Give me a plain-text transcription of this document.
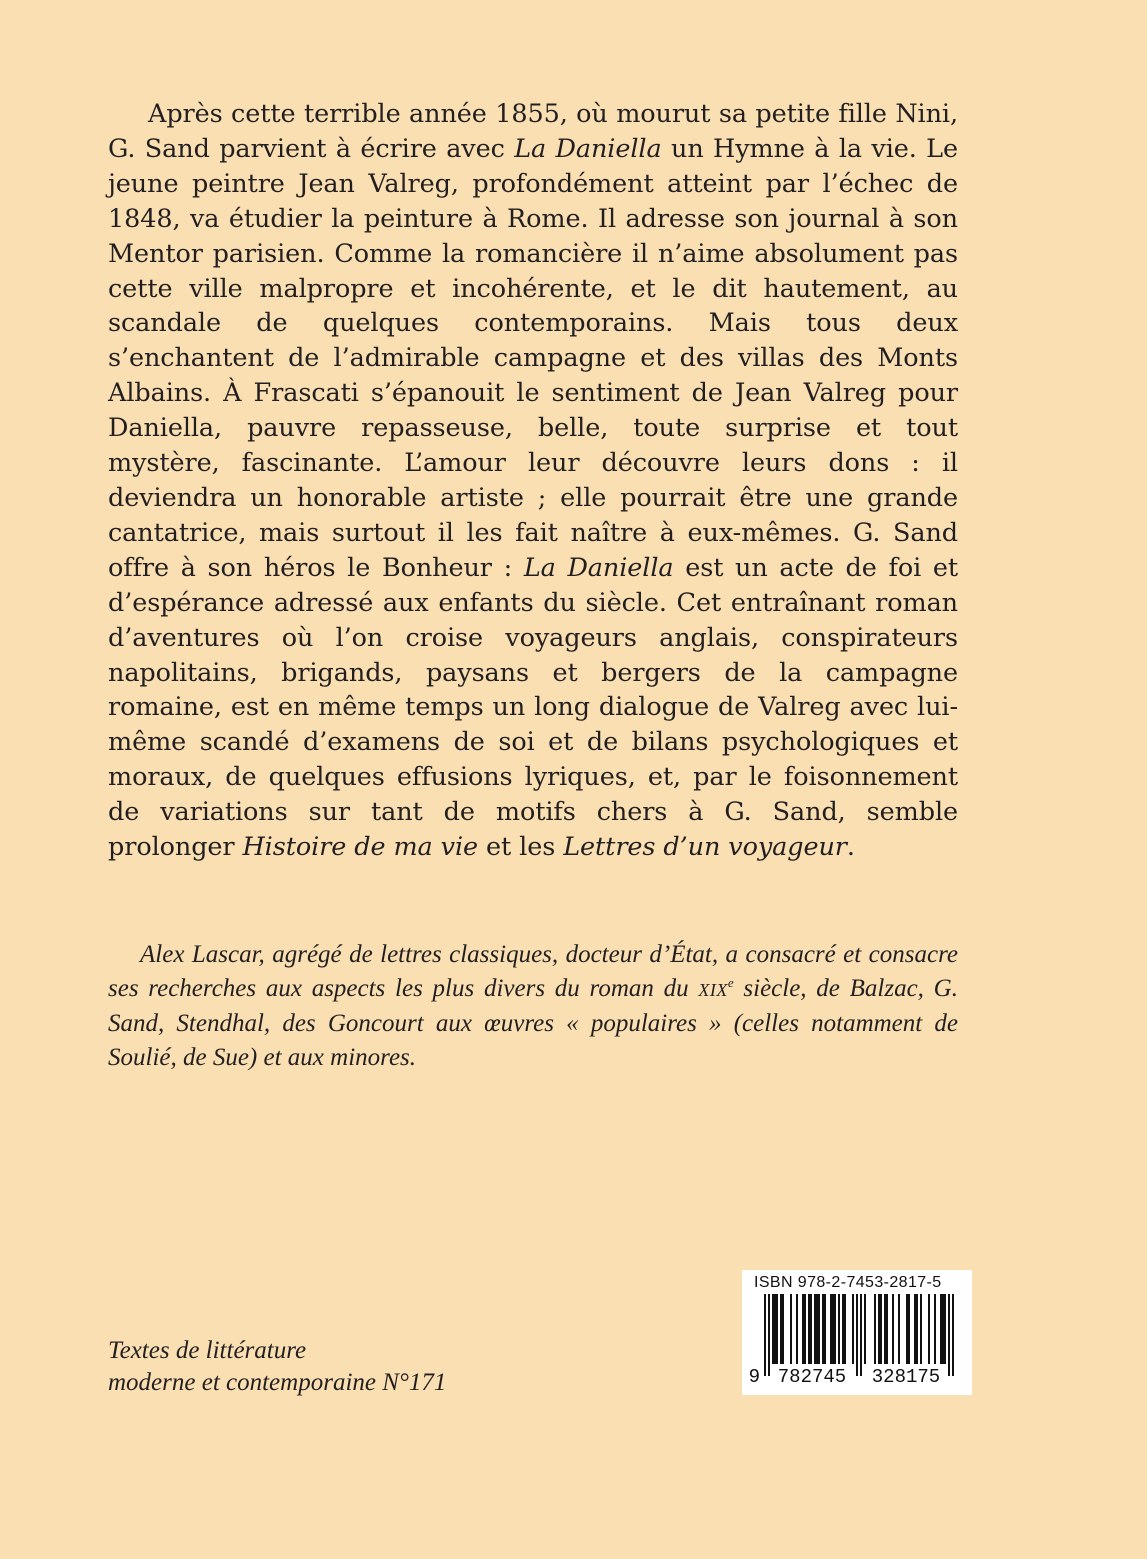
Après cette terrible année 1855, où mourut sa petite fille Nini, G. Sand parvient à écrire avec La Daniella un Hymne à la vie. Le jeune peintre Jean Valreg, profondément atteint par l’échec de 1848, va étudier la peinture à Rome. Il adresse son journal à son Mentor parisien. Comme la romancière il n’aime absolument pas cette ville malpropre et incohérente, et le dit hautement, au scandale de quelques contemporains. Mais tous deux s’enchantent de l’admirable campagne et des villas des Monts Albains. À Frascati s’épanouit le sentiment de Jean Valreg pour Daniella, pauvre repasseuse, belle, toute surprise et tout mystère, fascinante. L’amour leur découvre leurs dons : il deviendra un honorable artiste ; elle pourrait être une grande cantatrice, mais surtout il les fait naître à eux-mêmes. G. Sand offre à son héros le Bonheur : La Daniella est un acte de foi et d’espérance adressé aux enfants du siècle. Cet entraînant roman d’aventures où l’on croise voyageurs anglais, conspirateurs napolitains, brigands, paysans et bergers de la campagne romaine, est en même temps un long dialogue de Valreg avec lui-même scandé d’examens de soi et de bilans psychologiques et moraux, de quelques effusions lyriques, et, par le foisonnement de variations sur tant de motifs chers à G. Sand, semble prolonger Histoire de ma vie et les Lettres d’un voyageur.

Alex Lascar, agrégé de lettres classiques, docteur d’État, a consacré et consacre ses recherches aux aspects les plus divers du roman du XIXe siècle, de Balzac, G. Sand, Stendhal, des Goncourt aux œuvres « populaires » (celles notamment de Soulié, de Sue) et aux minores.

Textes de littérature
moderne et contemporaine N°171	9 782745 328175
ISBN 978-2-7453-2817-5
